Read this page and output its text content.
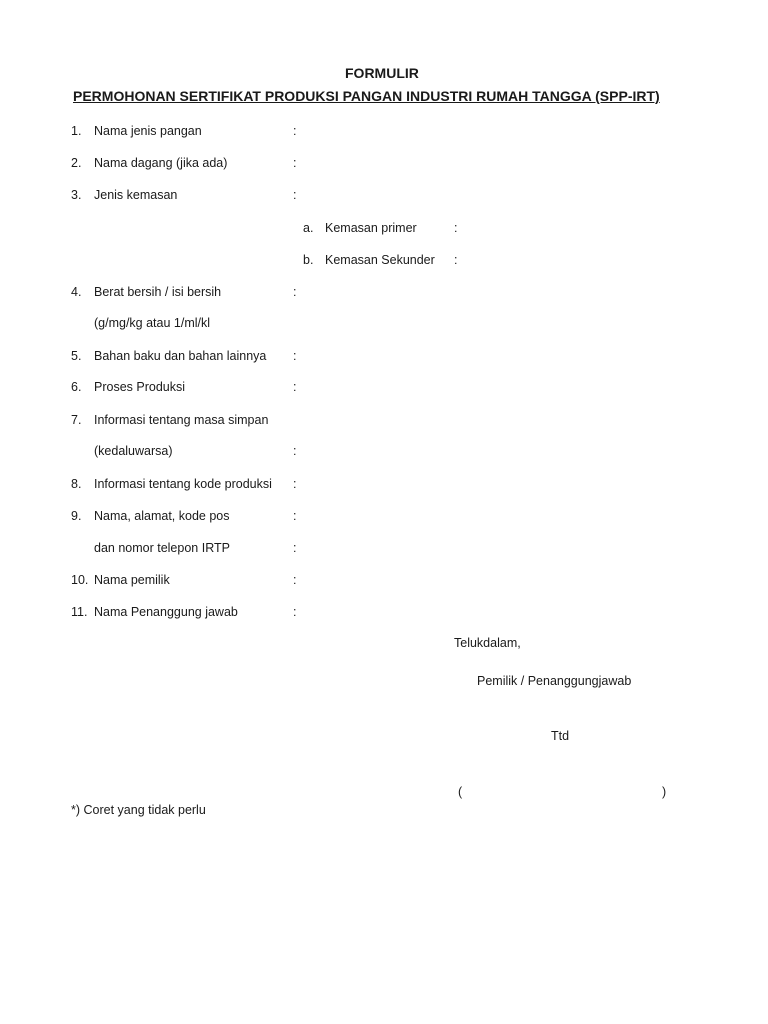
FORMULIR
PERMOHONAN SERTIFIKAT PRODUKSI PANGAN INDUSTRI RUMAH TANGGA (SPP-IRT)
1. Nama jenis pangan	:
2. Nama dagang (jika ada)	:
3. Jenis kemasan	:
a. Kemasan primer	:
b. Kemasan Sekunder :
4. Berat bersih / isi bersih	:
(g/mg/kg atau 1/ml/kl
5. Bahan baku dan bahan lainnya :
6. Proses Produksi	:
7. Informasi tentang masa simpan
(kedaluwarsa)	:
8. Informasi tentang kode produksi :
9. Nama, alamat, kode pos	:
dan nomor telepon IRTP	:
10. Nama pemilik	:
11. Nama Penanggung jawab	:
Telukdalam,
Pemilik / Penanggungjawab
Ttd
(	)
*) Coret yang tidak perlu
